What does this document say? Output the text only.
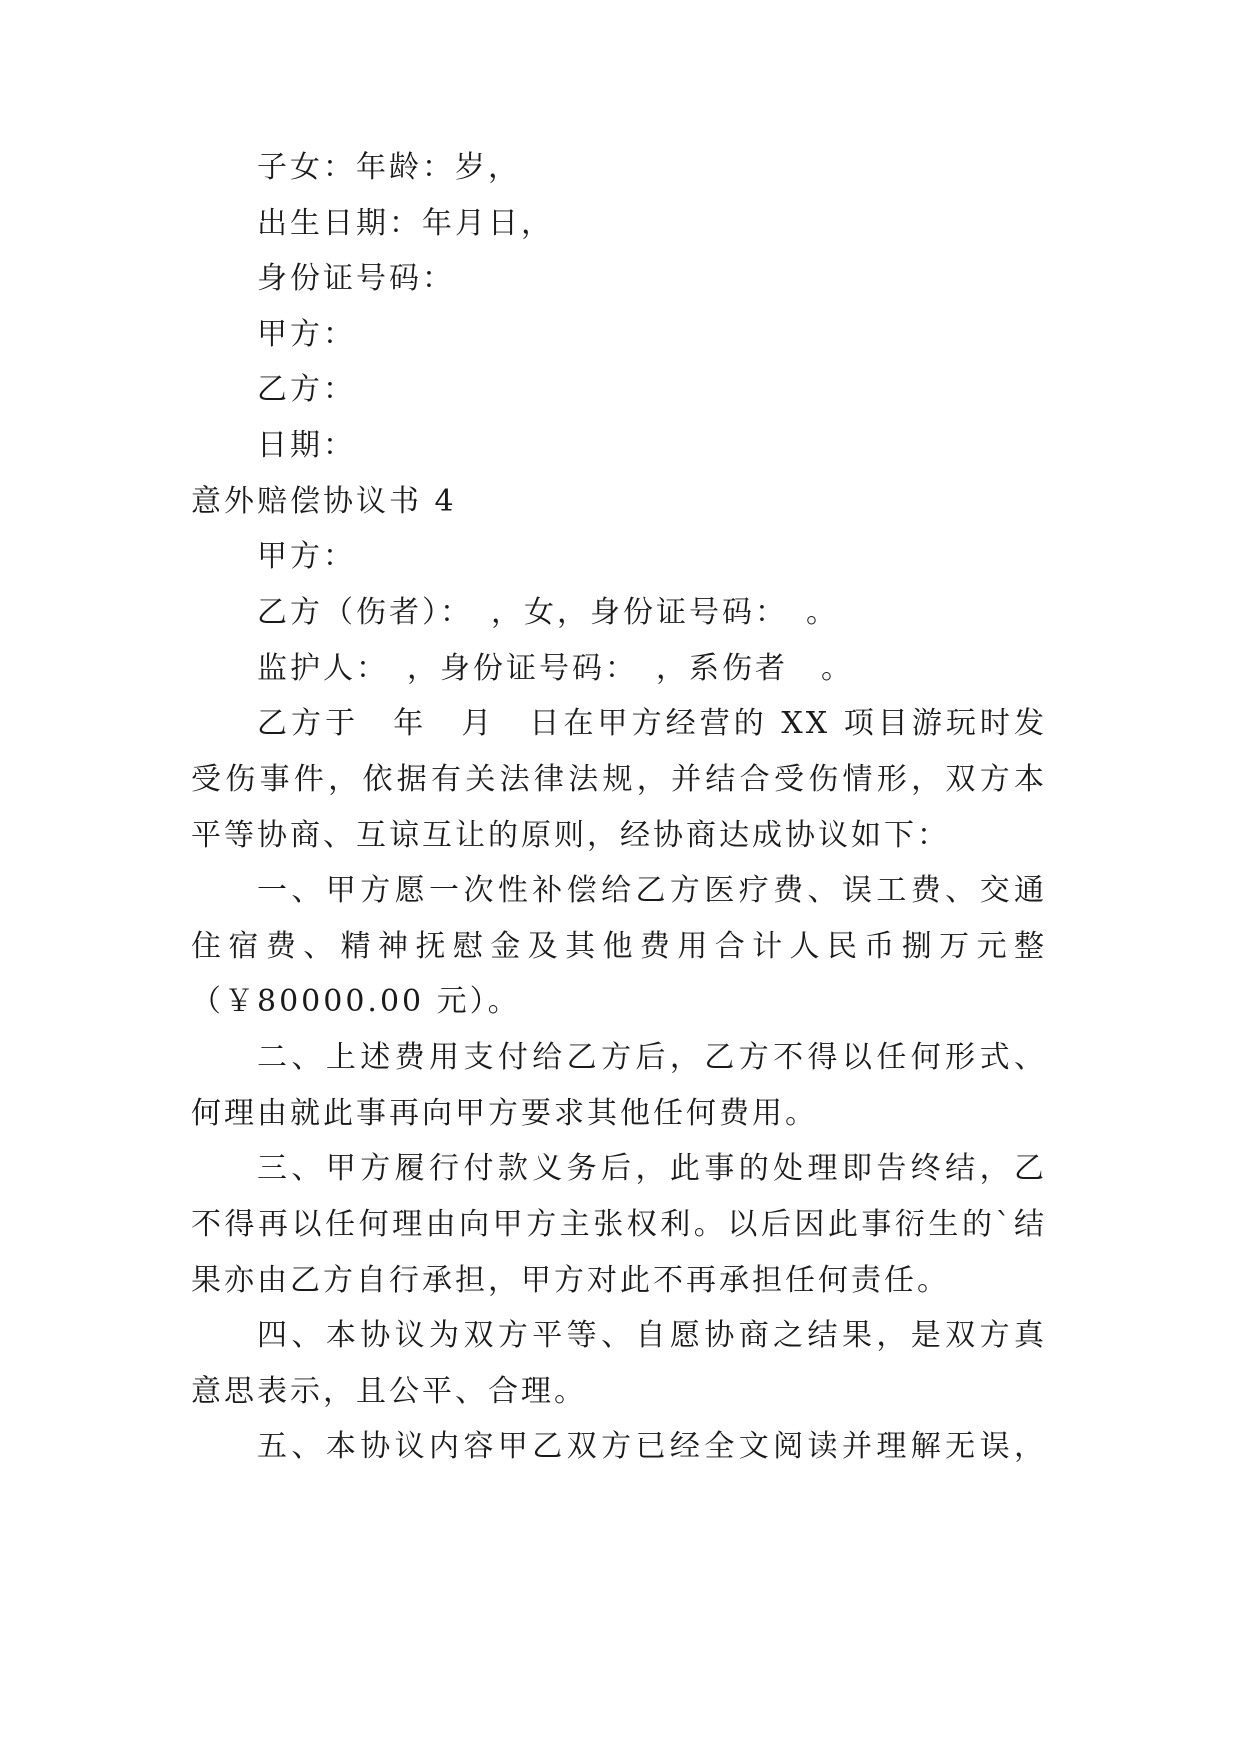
子女：年龄：岁，
出生日期：年月日，
身份证号码：
甲方：
乙方：
日期：
意外赔偿协议书 4
甲方：
乙方（伤者）：　，女，身份证号码：　。
监护人：　，身份证号码：　，系伤者　。
乙方于　年　月　日在甲方经营的 XX 项目游玩时发
受伤事件，依据有关法律法规，并结合受伤情形，双方本
平等协商、互谅互让的原则，经协商达成协议如下：
一、甲方愿一次性补偿给乙方医疗费、误工费、交通
住宿费、精神抚慰金及其他费用合计人民币捌万元整
（￥80000.00 元）。
二、上述费用支付给乙方后，乙方不得以任何形式、
何理由就此事再向甲方要求其他任何费用。
三、甲方履行付款义务后，此事的处理即告终结，乙
不得再以任何理由向甲方主张权利。以后因此事衍生的`结
果亦由乙方自行承担，甲方对此不再承担任何责任。
四、本协议为双方平等、自愿协商之结果，是双方真
意思表示，且公平、合理。
五、本协议内容甲乙双方已经全文阅读并理解无误，
